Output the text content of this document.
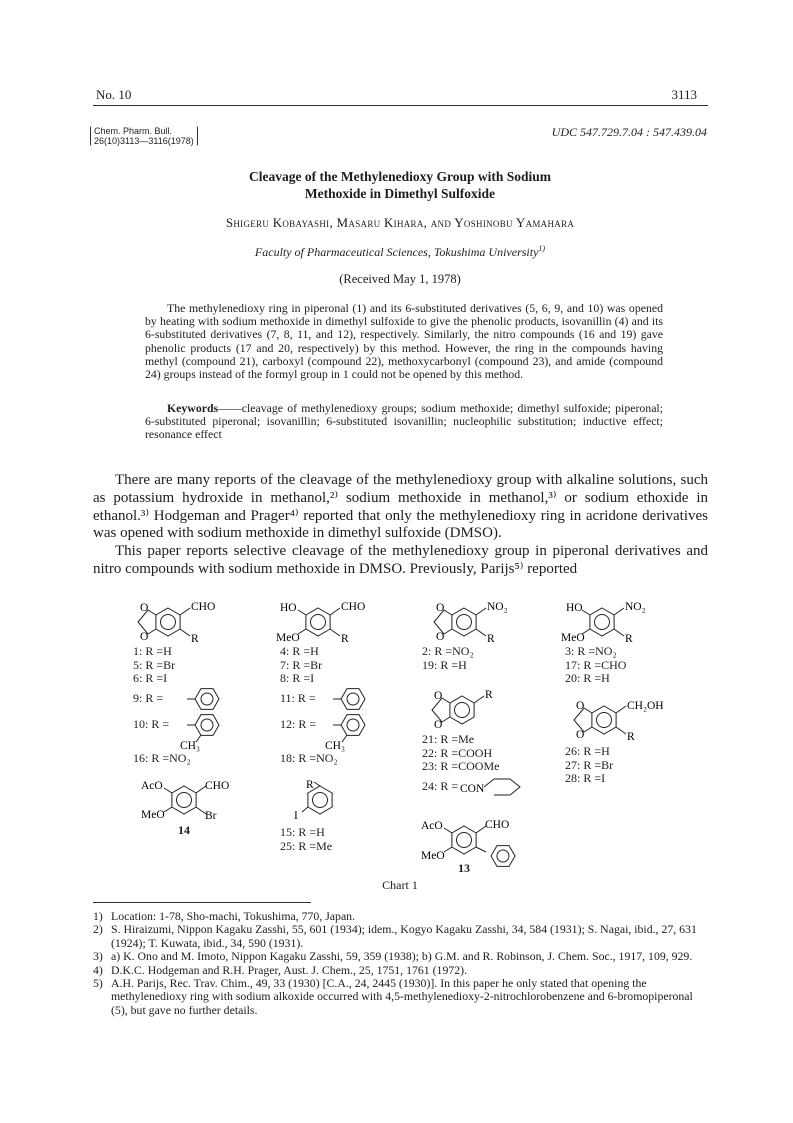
No. 10	3113
Chem. Pharm. Bull.
26(10)3113—3116(1978)
UDC 547.729.7.04 : 547.439.04
Cleavage of the Methylenedioxy Group with Sodium
Methoxide in Dimethyl Sulfoxide
Shigeru Kobayashi, Masaru Kihara, and Yoshinobu Yamahara
Faculty of Pharmaceutical Sciences, Tokushima University$^{1)}$
(Received May 1, 1978)
The methylenedioxy ring in piperonal (1) and its 6-substituted derivatives (5, 6, 9, and 10) was opened by heating with sodium methoxide in dimethyl sulfoxide to give the phenolic products, isovanillin (4) and its 6-substituted derivatives (7, 8, 11, and 12), respectively. Similarly, the nitro compounds (16 and 19) gave phenolic products (17 and 20, respectively) by this method. However, the ring in the compounds having methyl (compound 21), carboxyl (compound 22), methoxycarbonyl (compound 23), and amide (compound 24) groups instead of the formyl group in 1 could not be opened by this method.
Keywords——cleavage of methylenedioxy groups; sodium methoxide; dimethyl sulfoxide; piperonal; 6-substituted piperonal; isovanillin; 6-substituted isovanillin; nucleophilic substitution; inductive effect; resonance effect

There are many reports of the cleavage of the methylenedioxy group with alkaline solutions, such as potassium hydroxide in methanol,²⁾ sodium methoxide in methanol,³⁾ or sodium ethoxide in ethanol.³⁾ Hodgeman and Prager⁴⁾ reported that only the methylenedioxy ring in acridone derivatives was opened with sodium methoxide in dimethyl sulfoxide (DMSO).

This paper reports selective cleavage of the methylenedioxy group in piperonal derivatives and nitro compounds with sodium methoxide in DMSO. Previously, Parijs⁵⁾ reported

O
O
CHO
R
HO
MeO
CHO
R
O
O
NO₂
R
HO
MeO
NO₂
R
CH₃	CH₃
O
O
R
O
O
CH₂OH
R
AcO
MeO
CHO
Br
R
I
CON
AcO
MeO
CHO
1: R =H
5: R =Br
6: R =I
9: R =
10: R =
16: R =NO₂
4: R =H
7: R =Br
8: R =I
11: R =
12: R =
18: R =NO₂
2: R =NO₂
19: R =H
21: R =Me
22: R =COOH
23: R =COOMe
24: R =
3: R =NO₂
17: R =CHO
20: R =H
26: R =H
27: R =Br
28: R =I
14	15: R =H
25: R =Me
13
Chart 1
1) Location: 1-78, Sho-machi, Tokushima, 770, Japan.
2) S. Hiraizumi, Nippon Kagaku Zasshi, 55, 601 (1934); idem., Kogyo Kagaku Zasshi, 34, 584 (1931); S. Nagai, ibid., 27, 631 (1924); T. Kuwata, ibid., 34, 590 (1931).
3) a) K. Ono and M. Imoto, Nippon Kagaku Zasshi, 59, 359 (1938); b) G.M. and R. Robinson, J. Chem. Soc., 1917, 109, 929.
4) D.K.C. Hodgeman and R.H. Prager, Aust. J. Chem., 25, 1751, 1761 (1972).
5) A.H. Parijs, Rec. Trav. Chim., 49, 33 (1930) [C.A., 24, 2445 (1930)]. In this paper he only stated that opening the methylenedioxy ring with sodium alkoxide occurred with 4,5-methylenedioxy-2-nitrochlorobenzene and 6-bromopiperonal (5), but gave no further details.
